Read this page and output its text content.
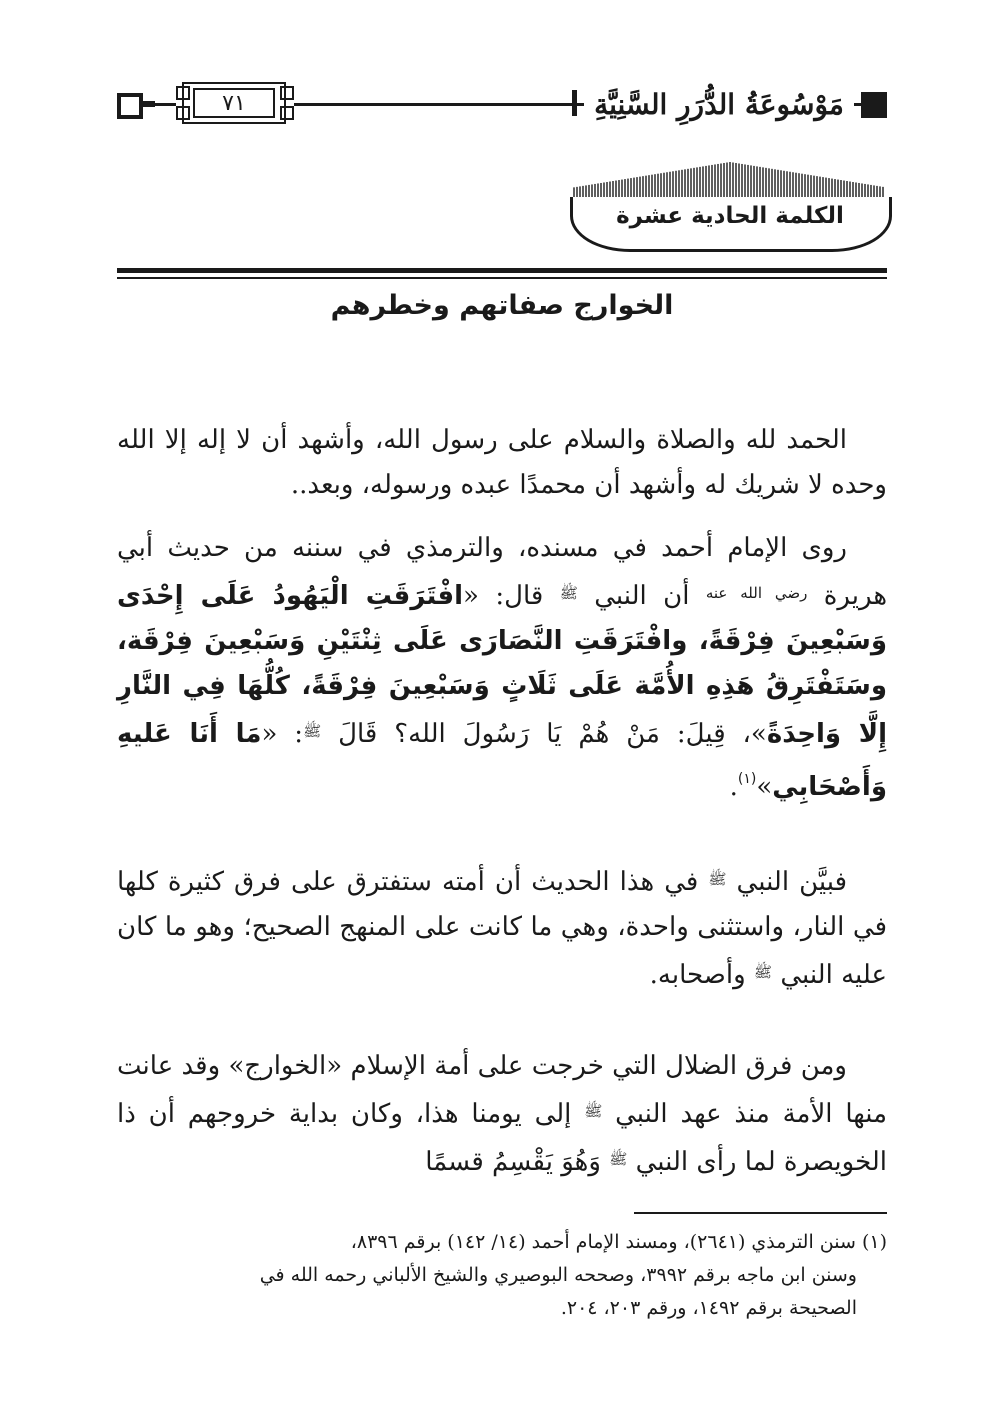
٧١	مَوْسُوعَةُ الدُّرَرِ السَّنِيَّةِ
الكلمة الحادية عشرة
الخوارج صفاتهم وخطرهم
الحمد لله والصلاة والسلام على رسول الله، وأشهد أن لا إله إلا الله وحده لا شريك له وأشهد أن محمدًا عبده ورسوله، وبعد..
روى الإمام أحمد في مسنده، والترمذي في سننه من حديث أبي هريرة $^{رضي الله عنه}$ أن النبي $^ﷺ$ قال: «افْتَرَقَتِ الْيَهُودُ عَلَى إِحْدَى وَسَبْعِينَ فِرْقَةً، وافْتَرَقَتِ النَّصَارَى عَلَى ثِنْتَيْنِ وَسَبْعِينَ فِرْقَة، وسَتَفْتَرِقُ هَذِهِ الأُمَّة عَلَى ثَلَاثٍ وَسَبْعِينَ فِرْقَةً، كُلُّهَا فِي النَّارِ إِلَّا وَاحِدَةً»، قِيلَ: مَنْ هُمْ يَا رَسُولَ الله؟ قَالَ $^ﷺ$: «مَا أَنَا عَليهِ وَأَصْحَابِي»$^{(١)}$.
فبيَّن النبي $^ﷺ$ في هذا الحديث أن أمته ستفترق على فرق كثيرة كلها في النار، واستثنى واحدة، وهي ما كانت على المنهج الصحيح؛ وهو ما كان عليه النبي $^ﷺ$ وأصحابه.
ومن فرق الضلال التي خرجت على أمة الإسلام «الخوارج» وقد عانت منها الأمة منذ عهد النبي $^ﷺ$ إلى يومنا هذا، وكان بداية خروجهم أن ذا الخويصرة لما رأى النبي $^ﷺ$ وَهُوَ يَقْسِمُ قسمًا
(١) سنن الترمذي (٢٦٤١)، ومسند الإمام أحمد (١٤/ ١٤٢) برقم ٨٣٩٦،
وسنن ابن ماجه برقم ٣٩٩٢، وصححه البوصيري والشيخ الألباني رحمه الله في
الصحيحة برقم ١٤٩٢، ورقم ٢٠٣، ٢٠٤.
